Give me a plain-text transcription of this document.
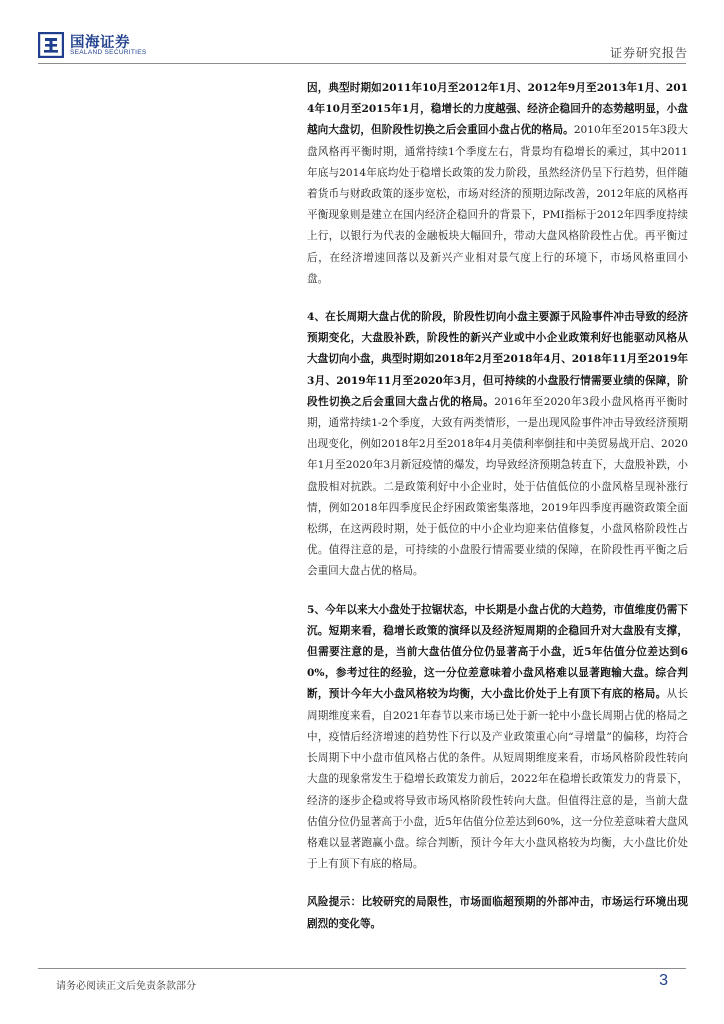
国海证券
SEALAND SECURITIES	证券研究报告

因，典型时期如2011年10月至2012年1月、2012年9月至2013年1月、2014年10月至2015年1月，稳增长的力度越强、经济企稳回升的态势越明显，小盘越向大盘切，但阶段性切换之后会重回小盘占优的格局。2010年至2015年3段大盘风格再平衡时期，通常持续1个季度左右，背景均有稳增长的乘过，其中2011年底与2014年底均处于稳增长政策的发力阶段，虽然经济仍呈下行趋势，但伴随着货币与财政政策的逐步宽松，市场对经济的预期边际改善，2012年底的风格再平衡现象则是建立在国内经济企稳回升的背景下，PMI指标于2012年四季度持续上行，以银行为代表的金融板块大幅回升，带动大盘风格阶段性占优。再平衡过后，在经济增速回落以及新兴产业相对景气度上行的环境下，市场风格重回小盘。

4、在长周期大盘占优的阶段，阶段性切向小盘主要源于风险事件冲击导致的经济预期变化，大盘股补跌，阶段性的新兴产业或中小企业政策利好也能驱动风格从大盘切向小盘，典型时期如2018年2月至2018年4月、2018年11月至2019年3月、2019年11月至2020年3月，但可持续的小盘股行情需要业绩的保障，阶段性切换之后会重回大盘占优的格局。2016年至2020年3段小盘风格再平衡时期，通常持续1-2个季度，大致有两类情形，一是出现风险事件冲击导致经济预期出现变化，例如2018年2月至2018年4月美债利率倒挂和中美贸易战开启、2020年1月至2020年3月新冠疫情的爆发，均导致经济预期急转直下，大盘股补跌，小盘股相对抗跌。二是政策利好中小企业时，处于估值低位的小盘风格呈现补涨行情，例如2018年四季度民企纾困政策密集落地，2019年四季度再融资政策全面松绑，在这两段时期，处于低位的中小企业均迎来估值修复，小盘风格阶段性占优。值得注意的是，可持续的小盘股行情需要业绩的保障，在阶段性再平衡之后会重回大盘占优的格局。

5、今年以来大小盘处于拉锯状态，中长期是小盘占优的大趋势，市值维度仍需下沉。短期来看，稳增长政策的演绎以及经济短周期的企稳回升对大盘股有支撑，但需要注意的是，当前大盘估值分位仍显著高于小盘，近5年估值分位差达到60%，参考过往的经验，这一分位差意味着小盘风格难以显著跑输大盘。综合判断，预计今年大小盘风格较为均衡，大小盘比价处于上有顶下有底的格局。从长周期维度来看，自2021年春节以来市场已处于新一轮中小盘长周期占优的格局之中，疫情后经济增速的趋势性下行以及产业政策重心向“寻增量”的偏移，均符合长周期下中小盘市值风格占优的条件。从短周期维度来看，市场风格阶段性转向大盘的现象常发生于稳增长政策发力前后，2022年在稳增长政策发力的背景下，经济的逐步企稳或将导致市场风格阶段性转向大盘。但值得注意的是，当前大盘估值分位仍显著高于小盘，近5年估值分位差达到60%，这一分位差意味着大盘风格难以显著跑赢小盘。综合判断，预计今年大小盘风格较为均衡，大小盘比价处于上有顶下有底的格局。

风险提示：比较研究的局限性，市场面临超预期的外部冲击，市场运行环境出现剧烈的变化等。

请务必阅读正文后免责条款部分	3
